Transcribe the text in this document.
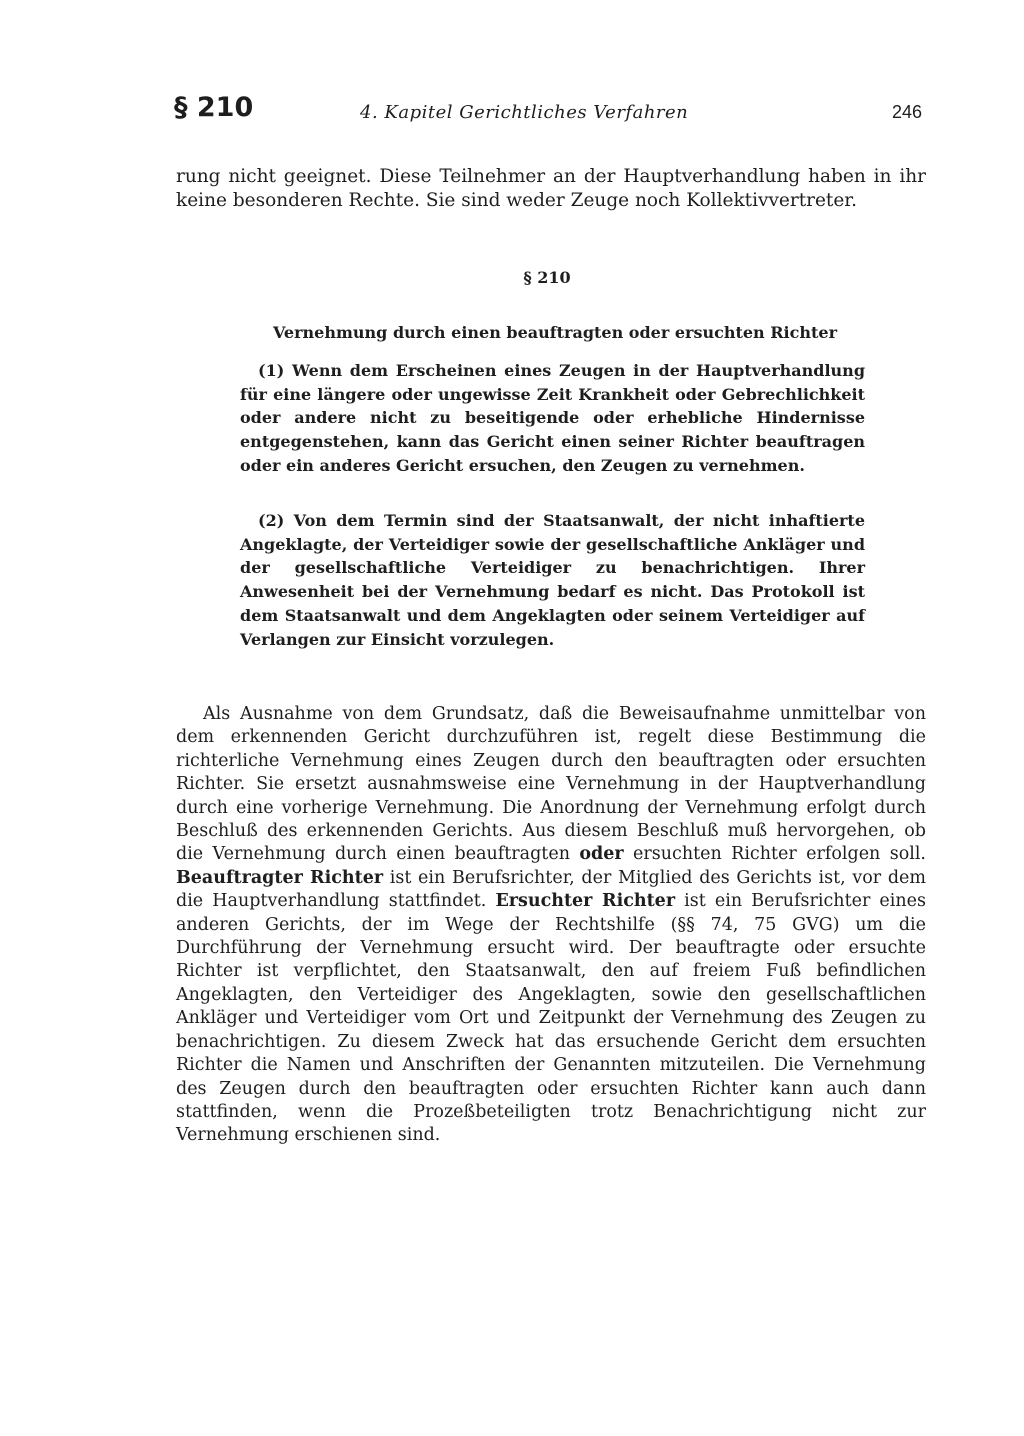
§ 210	4. Kapitel Gerichtliches Verfahren	246

rung nicht geeignet. Diese Teilnehmer an der Hauptverhandlung haben in ihr keine besonderen Rechte. Sie sind weder Zeuge noch Kollektivvertreter.

§ 210
Vernehmung durch einen beauftragten oder ersuchten Richter

(1) Wenn dem Erscheinen eines Zeugen in der Hauptverhandlung für eine längere oder ungewisse Zeit Krankheit oder Gebrechlichkeit oder andere nicht zu beseitigende oder erhebliche Hindernisse entgegenstehen, kann das Gericht einen seiner Richter beauftragen oder ein anderes Gericht ersuchen, den Zeugen zu vernehmen.

(2) Von dem Termin sind der Staatsanwalt, der nicht inhaftierte Angeklagte, der Verteidiger sowie der gesellschaftliche Ankläger und der gesellschaftliche Verteidiger zu benachrichtigen. Ihrer Anwesenheit bei der Vernehmung bedarf es nicht. Das Protokoll ist dem Staatsanwalt und dem Angeklagten oder seinem Verteidiger auf Verlangen zur Einsicht vorzulegen.

Als Ausnahme von dem Grundsatz, daß die Beweisaufnahme unmittelbar von dem erkennenden Gericht durchzuführen ist, regelt diese Bestimmung die richterliche Vernehmung eines Zeugen durch den beauftragten oder ersuchten Richter. Sie ersetzt ausnahmsweise eine Vernehmung in der Hauptverhandlung durch eine vorherige Vernehmung. Die Anordnung der Vernehmung erfolgt durch Beschluß des erkennenden Gerichts. Aus diesem Beschluß muß hervorgehen, ob die Vernehmung durch einen beauftragten oder ersuchten Richter erfolgen soll. Beauftragter Richter ist ein Berufsrichter, der Mitglied des Gerichts ist, vor dem die Hauptverhandlung stattfindet. Ersuchter Richter ist ein Berufsrichter eines anderen Gerichts, der im Wege der Rechtshilfe (§§ 74, 75 GVG) um die Durchführung der Vernehmung ersucht wird. Der beauftragte oder ersuchte Richter ist verpflichtet, den Staatsanwalt, den auf freiem Fuß befindlichen Angeklagten, den Verteidiger des Angeklagten, sowie den gesellschaftlichen Ankläger und Verteidiger vom Ort und Zeitpunkt der Vernehmung des Zeugen zu benachrichtigen. Zu diesem Zweck hat das ersuchende Gericht dem ersuchten Richter die Namen und Anschriften der Genannten mitzuteilen. Die Vernehmung des Zeugen durch den beauftragten oder ersuchten Richter kann auch dann stattfinden, wenn die Prozeßbeteiligten trotz Benachrichtigung nicht zur Vernehmung erschienen sind.
